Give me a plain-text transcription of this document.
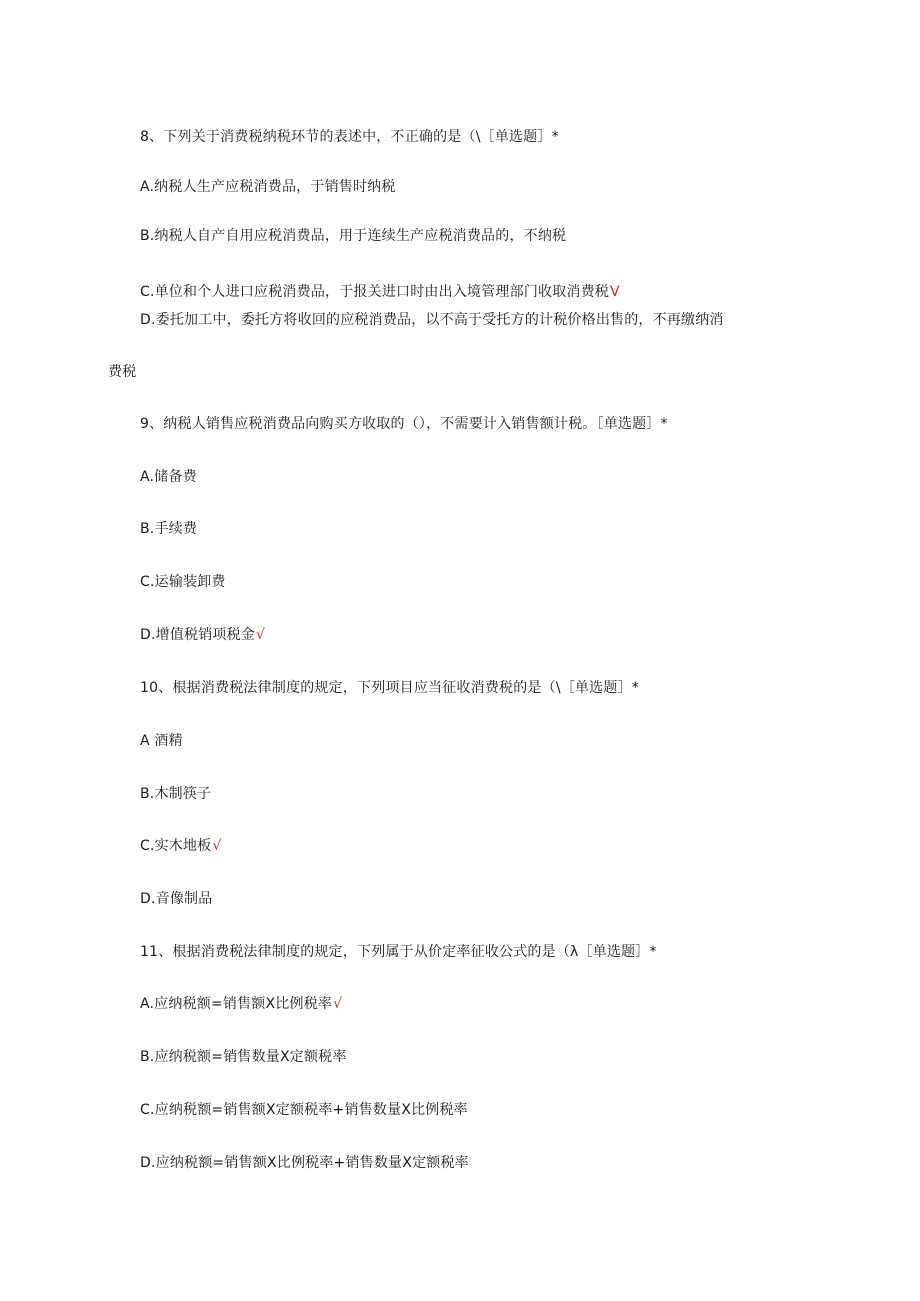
8、下列关于消费税纳税环节的表述中，不正确的是（\［单选题］*
A.纳税人生产应税消费品，于销售时纳税
B.纳税人自产自用应税消费品，用于连续生产应税消费品的，不纳税
C.单位和个人进口应税消费品，于报关进口时由出入境管理部门收取消费税V
D.委托加工中，委托方将收回的应税消费品，以不高于受托方的计税价格出售的，不再缴纳消
费税
9、纳税人销售应税消费品向购买方收取的（），不需要计入销售额计税。［单选题］*
A.储备费
B.手续费
C.运输装卸费
D.增值税销项税金√
10、根据消费税法律制度的规定，下列项目应当征收消费税的是（\［单选题］*
A 酒精
B.木制筷子
C.实木地板√
D.音像制品
11、根据消费税法律制度的规定，下列属于从价定率征收公式的是（λ［单选题］*
A.应纳税额=销售额X比例税率√
B.应纳税额=销售数量X定额税率
C.应纳税额=销售额X定额税率+销售数量X比例税率
D.应纳税额=销售额X比例税率+销售数量X定额税率
